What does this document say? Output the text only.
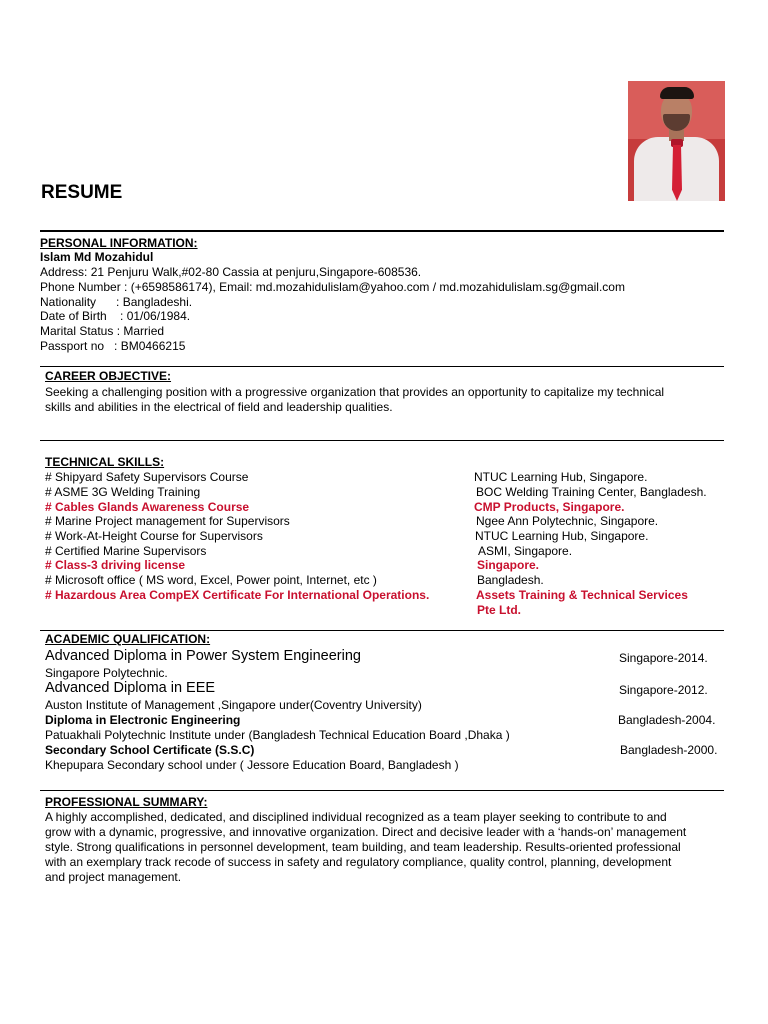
RESUME
PERSONAL INFORMATION:
Islam Md Mozahidul
Address: 21 Penjuru Walk,#02-80 Cassia at penjuru,Singapore-608536.
Phone Number : (+6598586174), Email: md.mozahidulislam@yahoo.com / md.mozahidulislam.sg@gmail.com
Nationality      : Bangladeshi.
Date of Birth    : 01/06/1984.
Marital Status : Married
Passport no   : BM0466215
CAREER OBJECTIVE:
Seeking a challenging position with a progressive organization that provides an opportunity to capitalize my technical
skills and abilities in the electrical of field and leadership qualities.
TECHNICAL SKILLS:
# Shipyard Safety Supervisors Course	NTUC Learning Hub, Singapore.
# ASME 3G Welding Training	BOC Welding Training Center, Bangladesh.
# Cables Glands Awareness Course	CMP Products, Singapore.
# Marine Project management for Supervisors	Ngee Ann Polytechnic, Singapore.
# Work-At-Height Course for Supervisors	NTUC Learning Hub, Singapore.
# Certified Marine Supervisors	ASMI, Singapore.
# Class-3 driving license	Singapore.
# Microsoft office ( MS word, Excel, Power point, Internet, etc )	Bangladesh.
# Hazardous Area CompEX Certificate For International Operations.	Assets Training & Technical Services
Pte Ltd.
ACADEMIC QUALIFICATION:
Advanced Diploma in Power System Engineering	Singapore-2014.
Singapore Polytechnic.
Advanced Diploma in EEE	Singapore-2012.
Auston Institute of Management ,Singapore under(Coventry University)
Diploma in Electronic Engineering	Bangladesh-2004.
Patuakhali Polytechnic Institute under (Bangladesh Technical Education Board ,Dhaka )
Secondary School Certificate (S.S.C)	Bangladesh-2000.
Khepupara Secondary school under ( Jessore Education Board, Bangladesh )
PROFESSIONAL SUMMARY:
A highly accomplished, dedicated, and disciplined individual recognized as a team player seeking to contribute to and
grow with a dynamic, progressive, and innovative organization. Direct and decisive leader with a ‘hands-on’ management
style. Strong qualifications in personnel development, team building, and team leadership. Results-oriented professional
with an exemplary track recode of success in safety and regulatory compliance, quality control, planning, development
and project management.
